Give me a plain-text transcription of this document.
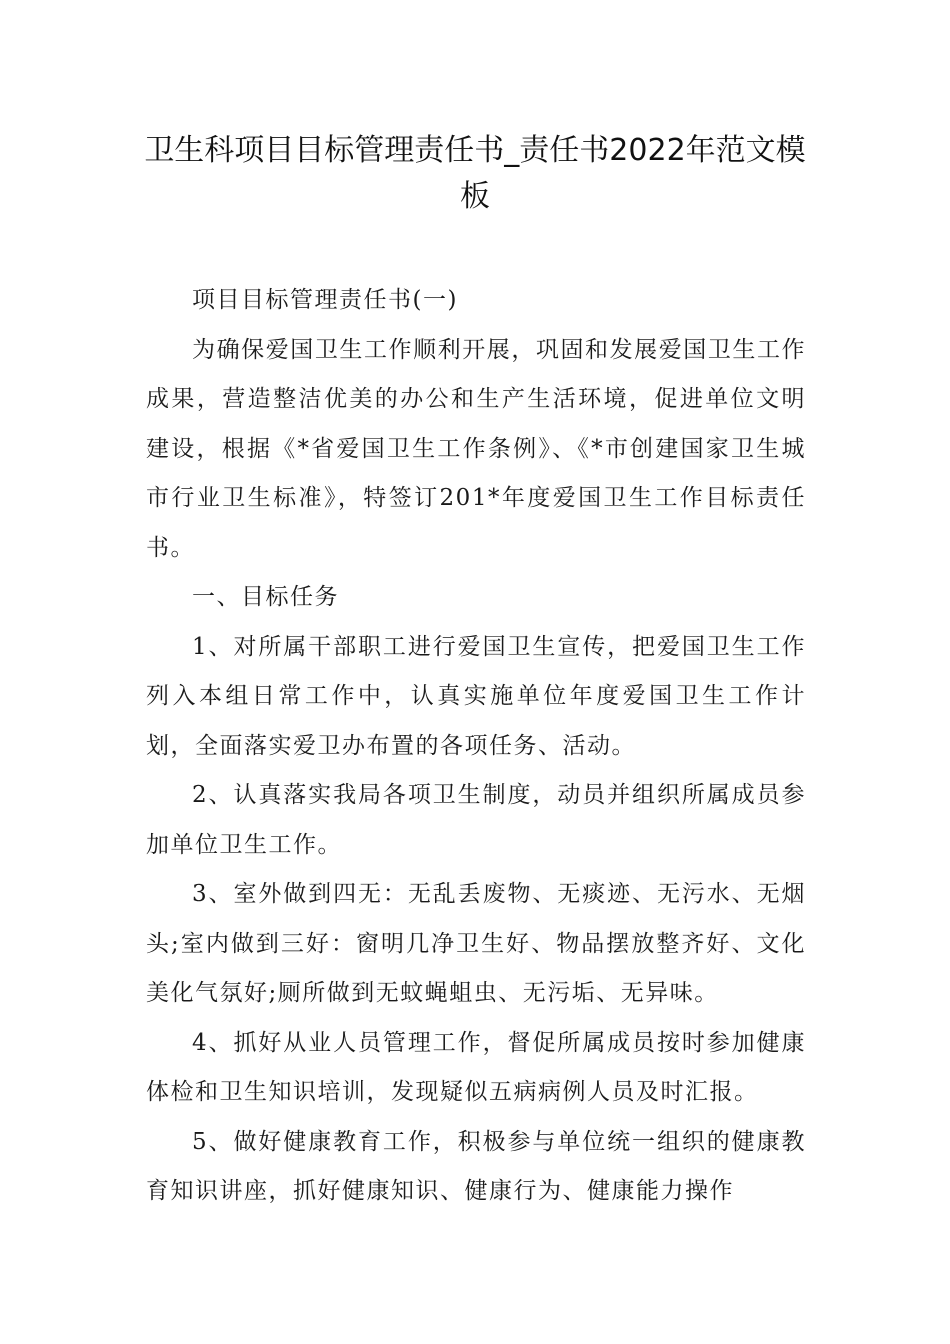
卫生科项目目标管理责任书_责任书2022年范文模板

项目目标管理责任书(一)

为确保爱国卫生工作顺利开展，巩固和发展爱国卫生工作成果，营造整洁优美的办公和生产生活环境，促进单位文明建设，根据《*省爱国卫生工作条例》、《*市创建国家卫生城市行业卫生标准》，特签订201*年度爱国卫生工作目标责任书。

一、目标任务

1、对所属干部职工进行爱国卫生宣传，把爱国卫生工作列入本组日常工作中，认真实施单位年度爱国卫生工作计划，全面落实爱卫办布置的各项任务、活动。

2、认真落实我局各项卫生制度，动员并组织所属成员参加单位卫生工作。

3、室外做到四无：无乱丢废物、无痰迹、无污水、无烟头;室内做到三好：窗明几净卫生好、物品摆放整齐好、文化美化气氛好;厕所做到无蚊蝇蛆虫、无污垢、无异味。

4、抓好从业人员管理工作，督促所属成员按时参加健康体检和卫生知识培训，发现疑似五病病例人员及时汇报。

5、做好健康教育工作，积极参与单位统一组织的健康教育知识讲座，抓好健康知识、健康行为、健康能力操作
